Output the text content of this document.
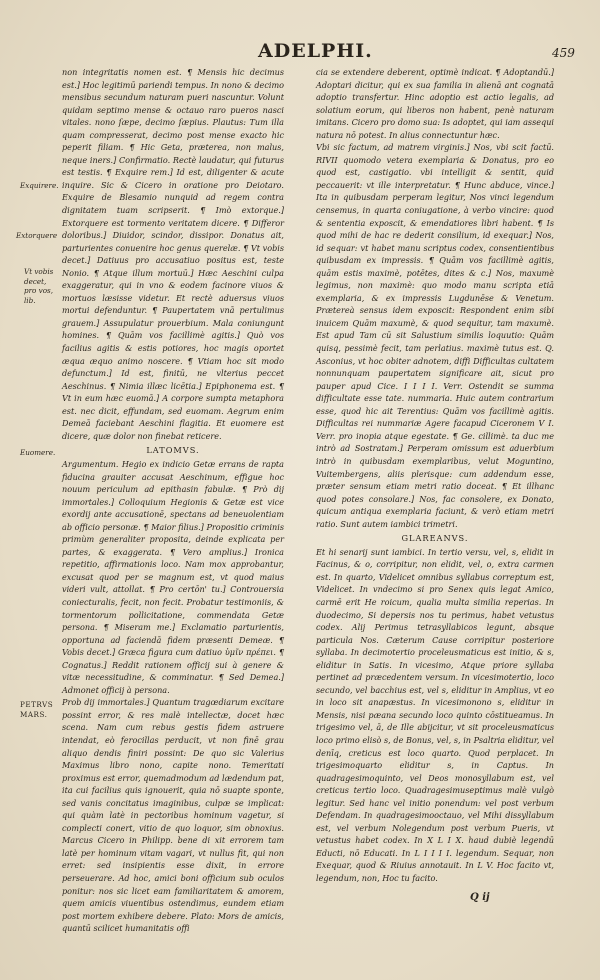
ADELPHI.	459
Exquirere.
Extorquere
Vt vobis decet, pro vos, lib.
Euomere.
PETRVS MARS.

non integritatis nomen est. ¶ Mensis hic decimus est.] Hoc legitimū pariendi tempus. In nono & decimo mensibus secundum naturam pueri nascuntur. Volunt quidam septimo mense & octauo raro pueros nasci vitales. nono ſæpe, decimo ſæpius. Plautus: Tum illa quam compresserat, decimo post mense exacto hic peperit filiam. ¶ Hic Geta, præterea, non malus, neque iners.] Confirmatio. Rectè laudatur, qui futurus est testis. ¶ Exquire rem.] Id est, diligenter & acute inquire. Sic & Cicero in oratione pro Deiotaro. Exquire de Blesamio nunquid ad regem contra dignitatem tuam scripserit. ¶ Imò extorque.] Extorquere est tormento veritatem dicere. ¶ Differor doloribus.] Diuidor, scindor, dissipor. Donatus ait, parturientes conuenire hoc genus querelæ. ¶ Vt vobis decet.] Datiuus pro accusatiuo positus est, teste Nonio. ¶ Atque illum mortuū.] Hæc Aeschini culpa exaggeratur, qui in vno & eodem facinore viuos & mortuos læsisse videtur. Et rectè aduersus viuos mortui defenduntur. ¶ Paupertatem vnā pertulimus grauem.] Assupulatur prouerbium. Mala coniungunt homines. ¶ Quām vos facillimè agitis.] Quò vos facilius agitis & estis potiores, hoc magis oportet æqua æquo animo noscere. ¶ Vtiam hoc sit modo defunctum.] Id est, finitū, ne vlterius peccet Aeschinus. ¶ Nimia illæc licētia.] Epiphonema est. ¶ Vt in eum hæc euomā.] A corpore sumpta metaphora est. nec dicit, effundam, sed euomam. Aegrum enim Demeā faciebant Aeschini flagitia. Et euomere est dicere, quæ dolor non finebat reticere.

LATOMVS.

Argumentum. Hegio ex indicio Getæ errans de rapta fiducina grauiter accusat Aeschinum, effigue hoc nouum periculum ad epithasin fabulæ. ¶ Prò dij immortales.] Colloquium Hegionis & Getæ est vice exordij ante accusationē, spectans ad beneuolentiam ab officio personæ. ¶ Maior filius.] Propositio criminis primùm generaliter proposita, deinde explicata per partes, & exaggerata. ¶ Vero amplius.] Ironica repetitio, affirmationis loco. Nam mox approbantur, excusat quod per se magnum est, vt quod maius videri vult, attollat. ¶ Pro certōn' tu.] Controuersia coniecturalis, fecit, non fecit. Probatur testimoniis, & tormentorum pollicitatione, commendata Getæ persona. ¶ Miseram me.] Exclamatio parturientis, opportuna ad faciendā fidem præsenti Demeæ. ¶ Vobis decet.] Græca figura cum datiuo ὑμῖν πρέπει. ¶ Cognatus.] Reddit rationem officij sui à genere & vitæ necessitudine, & comminatur. ¶ Sed Demea.] Admonet officij à persona.

Prob dij immortales.] Quantum tragœdiarum excitare possint error, & res malè intellectæ, docet hæc scena. Nam cum rebus gestis fidem astruere intendat, eò ferocillas perducit, vt non finē grau aliquo dendis finiri possint: De quo sic Valerius Maximus libro nono, capite nono. Temeritati proximus est error, quemadmodum ad lædendum pat, ita cui facilius quis ignouerit, quia nō suapte sponte, sed vanis concitatus imaginibus, culpæ se implicat: qui quàm latè in pectoribus hominum vagetur, si complecti conert, vitio de quo loquor, sim obnoxius. Marcus Cicero in Philipp. bene di xit errorem tam latè per hominum vitam vagari, vt nullus fit, qui non erret: sed insipientis esse dixit, in errore perseuerare. Ad hoc, amici boni officium sub oculos ponitur: nos sic licet eam familiaritatem & amorem, quem amicis viuentibus ostendimus, eundem etiam post mortem exhibere debere. Plato: Mors de amicis, quantū scilicet humanitatis offi

cia se extendere deberent, optimè indicat. ¶ Adoptandū.] Adoptari dicitur, qui ex sua familia in alienā ant cognatā adoptio transfertur. Hinc adoptio est actio legalis, ad solatium eorum, qui liberos non habent, penè naturam imitans. Cicero pro domo sua: Is adoptet, qui iam assequi natura nō potest. In alius connectuntur hæc.

Vbi sic factum, ad matrem virginis.] Nos, vbi scit factū. RIVII quomodo vetera exemplaria & Donatus, pro eo quod est, castigatio. vbi intelligit & sentit, quid peccauerit: vt ille interpretatur. ¶ Hunc abduce, vince.] Ita in quibusdam perperam legitur, Nos vinci legendum censemus, in quarta coniugatione, à verbo vincire: quod & sententia exposcit, & emendatiores libri habent. ¶ Is quod mihi de hac re dederit consilium, id exequar.] Nos, id sequar: vt habet manu scriptus codex, consentientibus quibusdam ex impressis. ¶ Quām vos facillimè agitis, quām estis maximè, potētes, dites & c.] Nos, maxumè legimus, non maximè: quo modo manu scripta etiā exemplaria, & ex impressis Lugdunēse & Venetum. Prætereà sensus idem exposcit: Respondent enim sibi inuicem Quām maxumè, & quod sequitur, tam maxumè. Est apud Tam cū sit Salustium similis loquutio: Quām quisq, pessimè fecit, tam perlatius. maximè tutus est. Q. Asconius, vt hoc obiter adnotem, diffi Difficultas cultatem nonnunquam paupertatem significare ait, sicut pro pauper apud Cice. I I I I. Verr. Ostendit se summa difficultate esse tate. nummaria. Huic autem contrarium esse, quod hic ait Terentius: Quām vos facillimè agitis. Difficultas rei nummariæ Agere facapud Ciceronem V I. Verr. pro inopia atque egestate. ¶ Ge. cillimè. ta duc me intrò ad Sostratam.] Perperam omissum est aduerbium intrò in quibusdam exemplaribus, velut Moguntino, Vuitembergens, aliis plerisque: cum addendum esse, præter sensum etiam metri ratio doceat. ¶ Et illhanc quod potes consolare.] Nos, fac consolere, ex Donato, quicum antiqua exemplaria faciunt, & verò etiam metri ratio. Sunt autem iambici trimetri.

GLAREANVS.

Et hi senarij sunt iambici. In tertio versu, vel, s, elidit in Facinus, & o, corripitur, non elidit, vel, o, extra carmen est. In quarto, Videlicet omnibus syllabus correptum est, Videlicet. In vndecimo si pro Senex quis legat Amico, carmē erit He roicum, qualia multa similia reperias. In duodecimo, Si depersis nos tu perimus, habet vetustus codex. Alij Perimus tetrasyllabicos legunt, absque particula Nos. Cæterum Cause corripitur posteriore syllaba. In decimotertio proceleusmaticus est initio, & s, eliditur in Satis. In vicesimo, Atque priore syllaba pertinet ad præcedentem versum. In vicesimotertio, loco secundo, vel bacchius est, vel s, eliditur in Amplius, vt eo in loco sit anapæstus. In vicesimonono s, eliditur in Mensis, nisi pæana secundo loco quinto cōstitueamus. In trigesimo vel, ā, de Ille abijcitur, vt sit proceleusmaticus loco primo elisò s, de Bonus, vel, s, in Psaltria eliditur, vel denīq, creticus est loco quarto. Quod perplacet. In trigesimoquarto eliditur s, in Captus. In quadragesimoquinto, vel Deos monosyllabum est, vel creticus tertio loco. Quadragesimuseptimus malè vulgò legitur. Sed hanc vel initio ponendum: vel post verbum Defendam. In quadragesimooctauo, vel Mihi dissyllabum est, vel verbum Nolegendum post verbum Pueris, vt vetustus habet codex. In X L I X. haud dubiè legendū Educti, nō Educati. In L I I I I. legendum. Sequar, non Exequar, quod & Riuius annotauit. In L V. Hoc facito vt, legendum, non, Hoc tu facito.

Q ij
